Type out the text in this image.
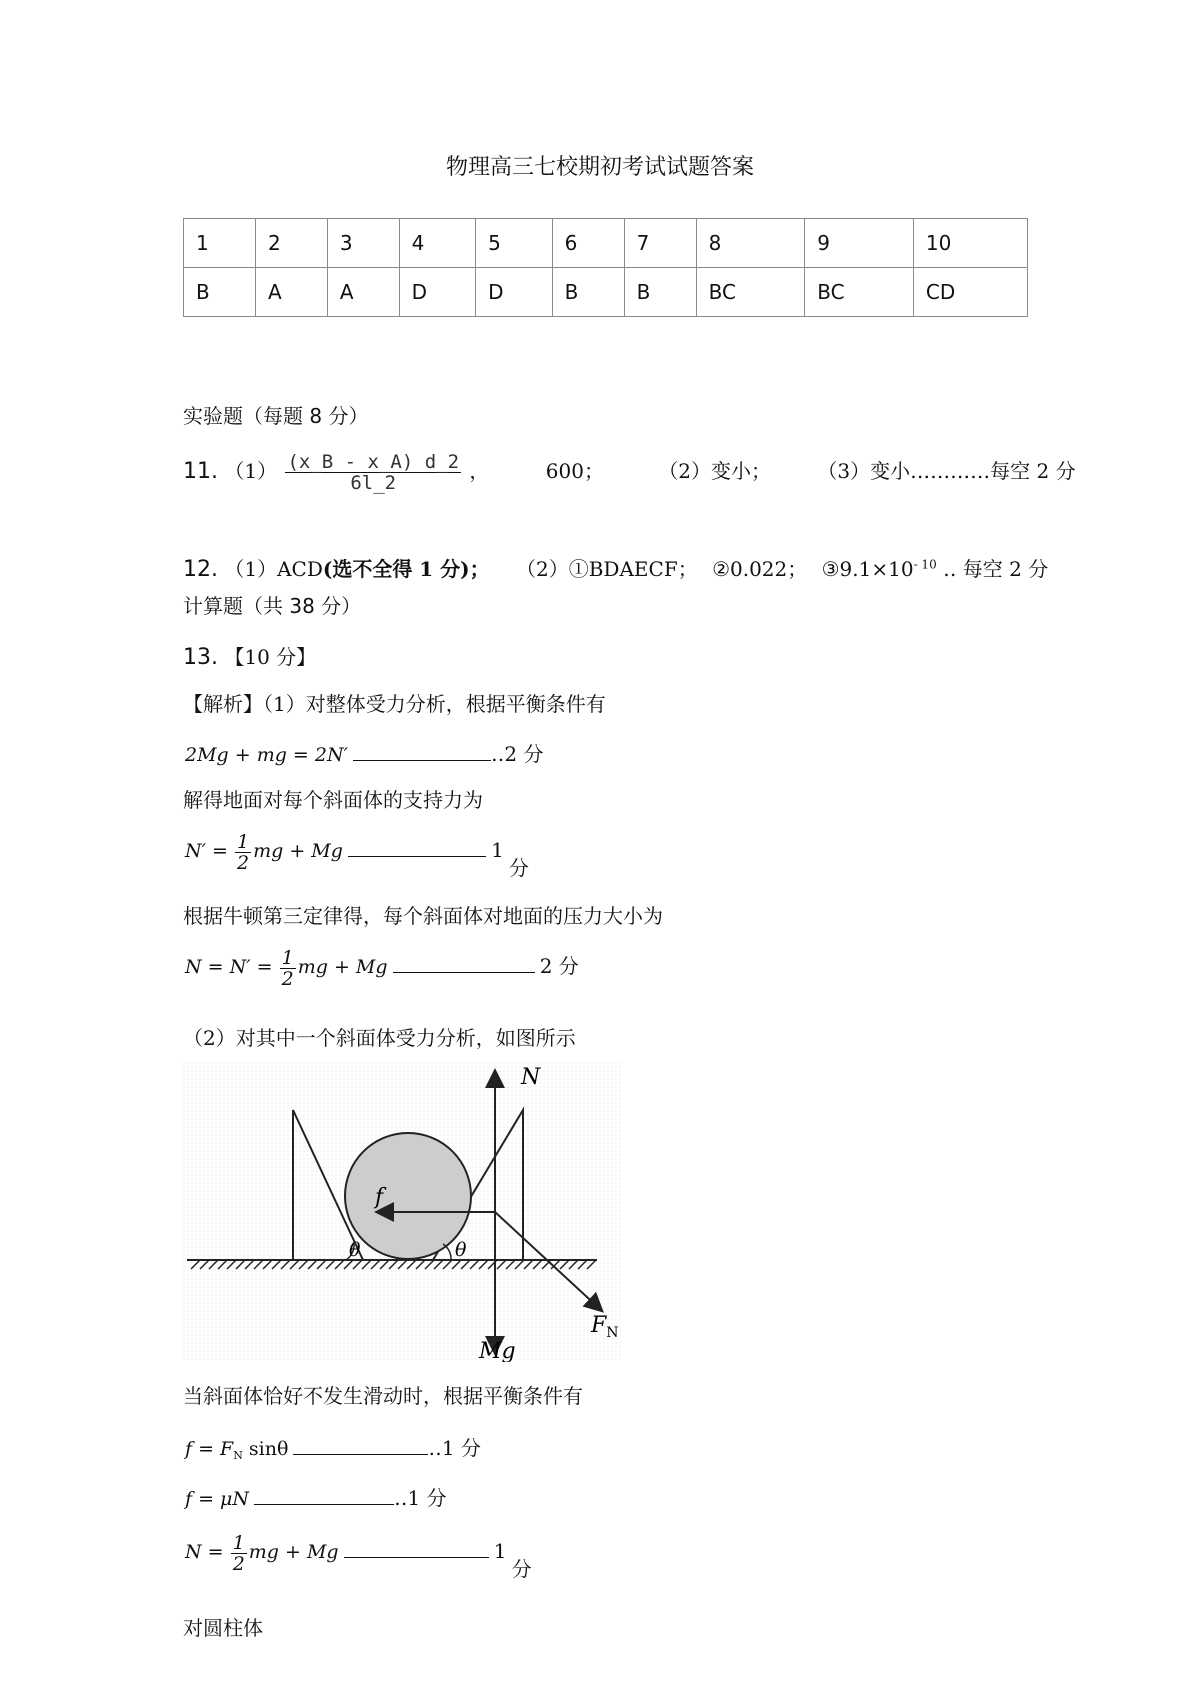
物理高三七校期初考试试题答案
1	2	3	4	5	6	7	8	9	10
B	A	A	D	D	B	B	BC	BC	CD
实验题（每题 8 分）
11. $(1) \frac{(x\_B - x\_A) d\_2}{6l\_2}$ ，	600；	（2）变小； （3）变小…………每空 2 分
12. （1）ACD(选不全得 1 分)； （2）①BDAECF； ②0.022； $③9.1\times 10^{- 10}$ ‥ 每空 2 分
计算题（共 38 分）
13. 【10 分】
【解析】（1）对整体受力分析，根据平衡条件有
2Mg + mg = 2N′	‥2 分
解得地面对每个斜面体的支持力为
$N' = \frac{1}{2}$ mg + Mg	1 分
根据牛顿第三定律得，每个斜面体对地面的压力大小为
$N = N' = \frac{1}{2}$ mg + Mg	2 分
（2）对其中一个斜面体受力分析，如图所示
N
f
θ	θ
$F_N$
Mg
当斜面体恰好不发生滑动时，根据平衡条件有
$f = F_N$ sinθ	‥1 分
f = μN	‥1 分
$N = \frac{1}{2}$ mg + Mg	1 分
对圆柱体
